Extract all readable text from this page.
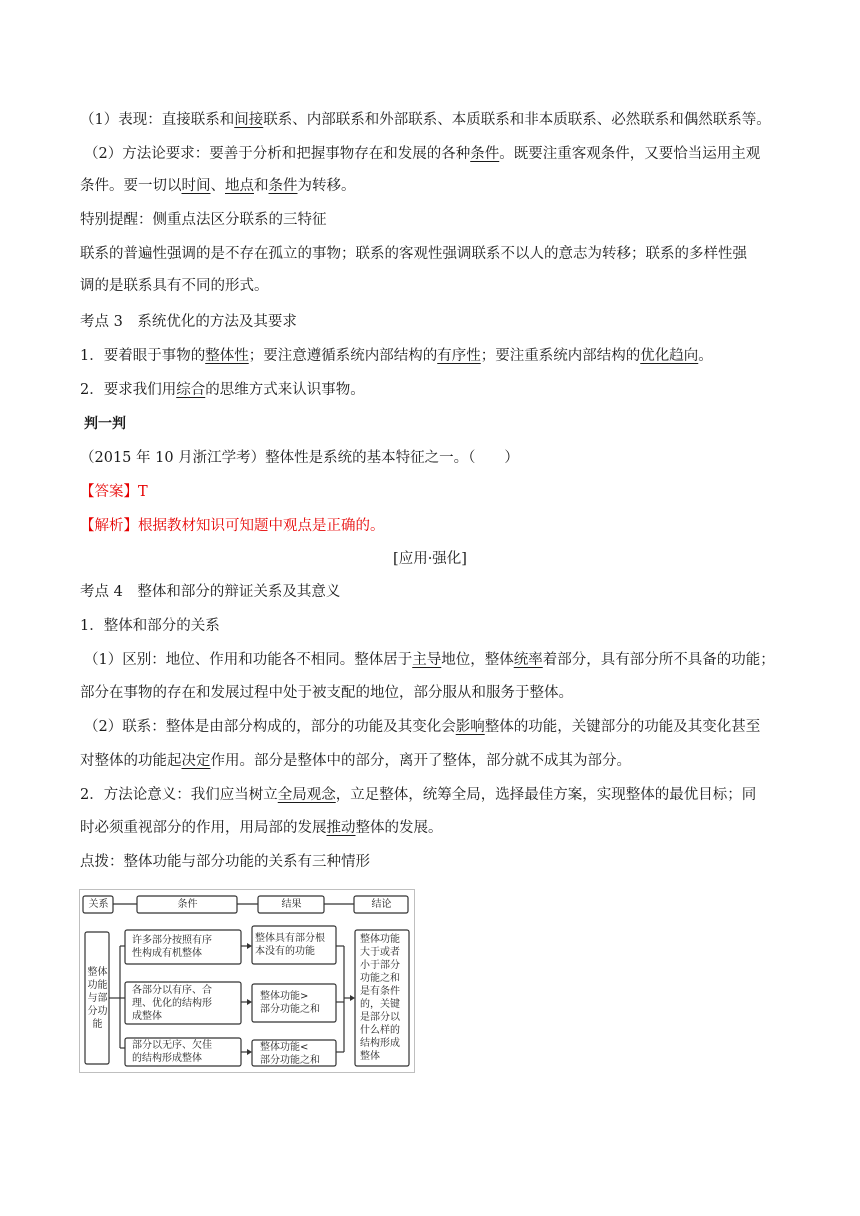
（1）表现：直接联系和间接联系、内部联系和外部联系、本质联系和非本质联系、必然联系和偶然联系等。
（2）方法论要求：要善于分析和把握事物存在和发展的各种条件。既要注重客观条件，又要恰当运用主观
条件。要一切以时间、地点和条件为转移。
特别提醒：侧重点法区分联系的三特征
联系的普遍性强调的是不存在孤立的事物；联系的客观性强调联系不以人的意志为转移；联系的多样性强
调的是联系具有不同的形式。
考点 3　系统优化的方法及其要求
1．要着眼于事物的整体性；要注意遵循系统内部结构的有序性；要注重系统内部结构的优化趋向。
2．要求我们用综合的思维方式来认识事物。
判一判
（2015 年 10 月浙江学考）整体性是系统的基本特征之一。（　　）
【答案】T
【解析】根据教材知识可知题中观点是正确的。
[应用·强化]
考点 4　整体和部分的辩证关系及其意义
1．整体和部分的关系
（1）区别：地位、作用和功能各不相同。整体居于主导地位，整体统率着部分，具有部分所不具备的功能；
部分在事物的存在和发展过程中处于被支配的地位，部分服从和服务于整体。
（2）联系：整体是由部分构成的，部分的功能及其变化会影响整体的功能，关键部分的功能及其变化甚至
对整体的功能起决定作用。部分是整体中的部分，离开了整体，部分就不成其为部分。
2．方法论意义：我们应当树立全局观念，立足整体，统筹全局，选择最佳方案，实现整体的最优目标；同
时必须重视部分的作用，用局部的发展推动整体的发展。
点拨：整体功能与部分功能的关系有三种情形
关系	条件	结果	结论
整体
功能
与部
分功
能
许多部分按照有序
性构成有机整体
各部分以有序、合
理、优化的结构形
成整体
部分以无序、欠佳
的结构形成整体
整体具有部分根
本没有的功能
整体功能>
部分功能之和
整体功能<
部分功能之和
整体功能
大于或者
小于部分
功能之和
是有条件
的，关键
是部分以
什么样的
结构形成
整体
